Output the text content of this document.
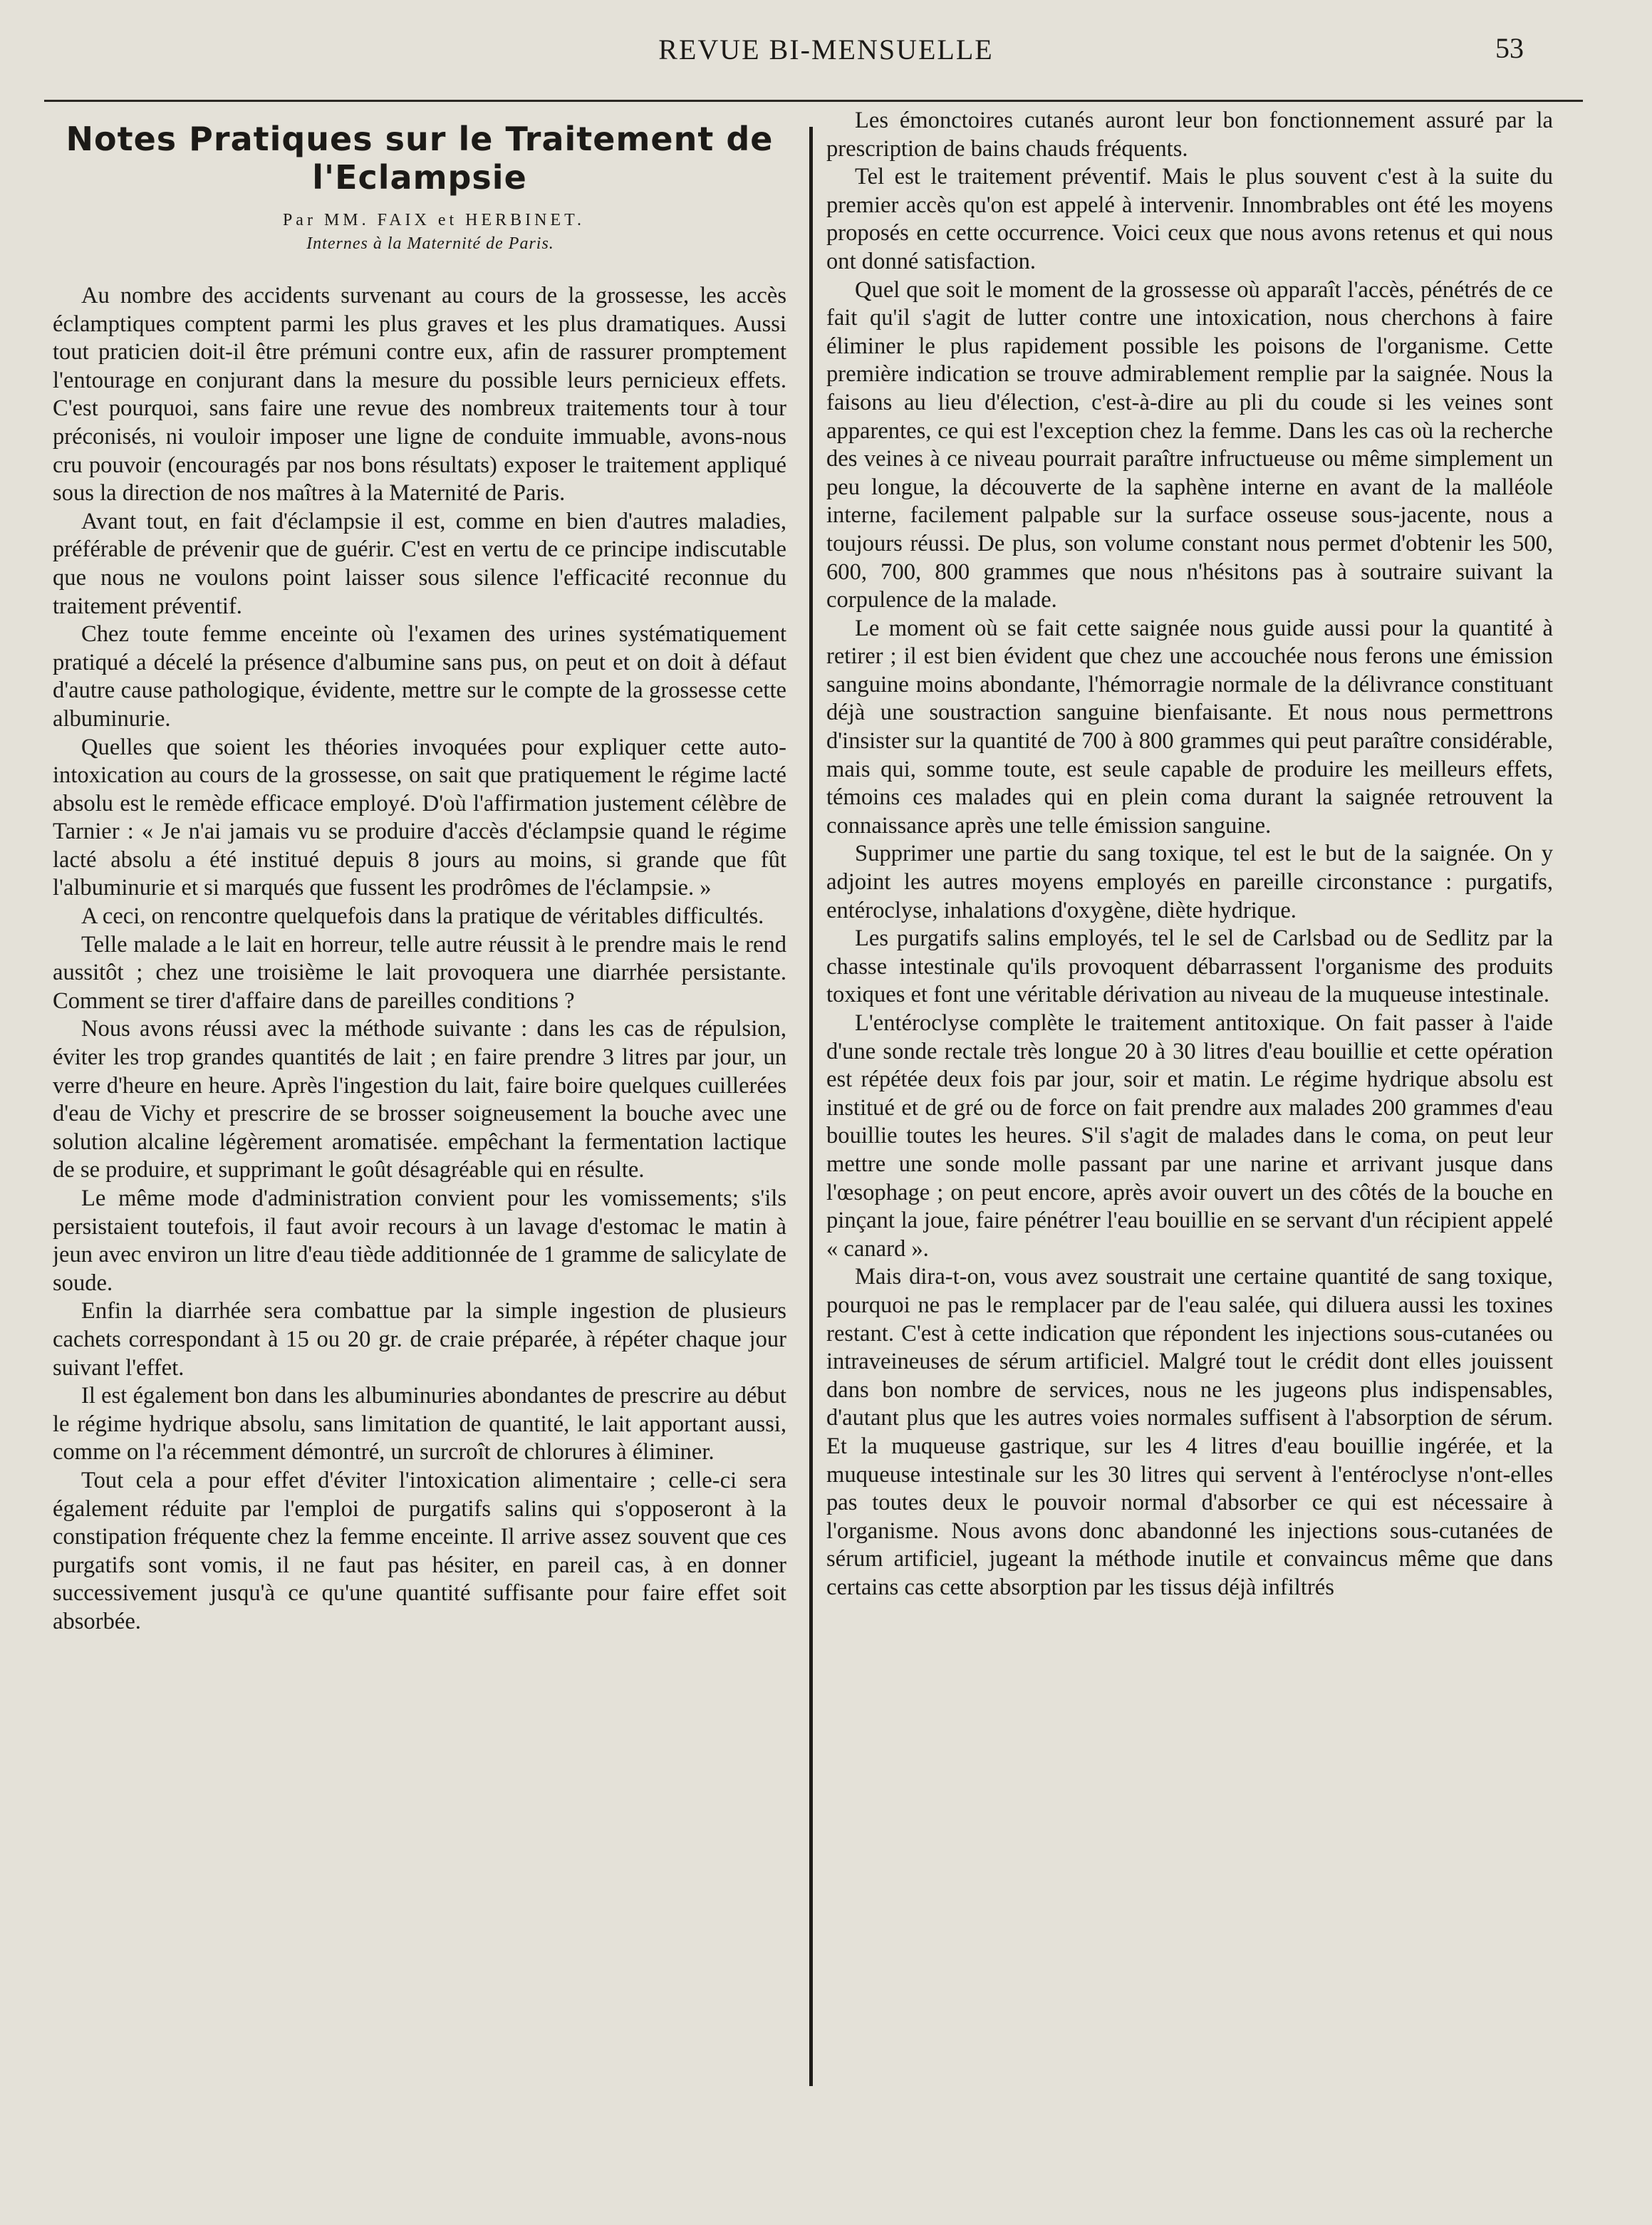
REVUE BI-MENSUELLE	53
Notes Pratiques sur le Traitement de l'Eclampsie
Par MM. FAIX et HERBINET.
Internes à la Maternité de Paris.

Au nombre des accidents survenant au cours de la grossesse, les accès éclamptiques comptent parmi les plus graves et les plus dramatiques. Aussi tout praticien doit-il être prémuni contre eux, afin de rassurer promptement l'entourage en conjurant dans la mesure du possible leurs pernicieux effets. C'est pourquoi, sans faire une revue des nombreux traitements tour à tour préconisés, ni vouloir imposer une ligne de conduite immuable, avons-nous cru pouvoir (encouragés par nos bons résultats) exposer le traitement appliqué sous la direction de nos maîtres à la Maternité de Paris.

Avant tout, en fait d'éclampsie il est, comme en bien d'autres maladies, préférable de prévenir que de guérir. C'est en vertu de ce principe indiscutable que nous ne voulons point laisser sous silence l'efficacité reconnue du traitement préventif.

Chez toute femme enceinte où l'examen des urines systématiquement pratiqué a décelé la présence d'albumine sans pus, on peut et on doit à défaut d'autre cause pathologique, évidente, mettre sur le compte de la grossesse cette albuminurie.

Quelles que soient les théories invoquées pour expliquer cette auto-intoxication au cours de la grossesse, on sait que pratiquement le régime lacté absolu est le remède efficace employé. D'où l'affirmation justement célèbre de Tarnier : « Je n'ai jamais vu se produire d'accès d'éclampsie quand le régime lacté absolu a été institué depuis 8 jours au moins, si grande que fût l'albuminurie et si marqués que fussent les prodrômes de l'éclampsie. »

A ceci, on rencontre quelquefois dans la pratique de véritables difficultés.

Telle malade a le lait en horreur, telle autre réussit à le prendre mais le rend aussitôt ; chez une troisième le lait provoquera une diarrhée persistante. Comment se tirer d'affaire dans de pareilles conditions ?

Nous avons réussi avec la méthode suivante : dans les cas de répulsion, éviter les trop grandes quantités de lait ; en faire prendre 3 litres par jour, un verre d'heure en heure. Après l'ingestion du lait, faire boire quelques cuillerées d'eau de Vichy et prescrire de se brosser soigneusement la bouche avec une solution alcaline légèrement aromatisée. empêchant la fermentation lactique de se produire, et supprimant le goût désagréable qui en résulte.

Le même mode d'administration convient pour les vomissements; s'ils persistaient toutefois, il faut avoir recours à un lavage d'estomac le matin à jeun avec environ un litre d'eau tiède additionnée de 1 gramme de salicylate de soude.

Enfin la diarrhée sera combattue par la simple ingestion de plusieurs cachets correspondant à 15 ou 20 gr. de craie préparée, à répéter chaque jour suivant l'effet.

Il est également bon dans les albuminuries abondantes de prescrire au début le régime hydrique absolu, sans limitation de quantité, le lait apportant aussi, comme on l'a récemment démontré, un surcroît de chlorures à éliminer.

Tout cela a pour effet d'éviter l'intoxication alimentaire ; celle-ci sera également réduite par l'emploi de purgatifs salins qui s'opposeront à la constipation fréquente chez la femme enceinte. Il arrive assez souvent que ces purgatifs sont vomis, il ne faut pas hésiter, en pareil cas, à en donner successivement jusqu'à ce qu'une quantité suffisante pour faire effet soit absorbée.

Les émonctoires cutanés auront leur bon fonctionnement assuré par la prescription de bains chauds fréquents.

Tel est le traitement préventif. Mais le plus souvent c'est à la suite du premier accès qu'on est appelé à intervenir. Innombrables ont été les moyens proposés en cette occurrence. Voici ceux que nous avons retenus et qui nous ont donné satisfaction.

Quel que soit le moment de la grossesse où apparaît l'accès, pénétrés de ce fait qu'il s'agit de lutter contre une intoxication, nous cherchons à faire éliminer le plus rapidement possible les poisons de l'organisme. Cette première indication se trouve admirablement remplie par la saignée. Nous la faisons au lieu d'élection, c'est-à-dire au pli du coude si les veines sont apparentes, ce qui est l'exception chez la femme. Dans les cas où la recherche des veines à ce niveau pourrait paraître infructueuse ou même simplement un peu longue, la découverte de la saphène interne en avant de la malléole interne, facilement palpable sur la surface osseuse sous-jacente, nous a toujours réussi. De plus, son volume constant nous permet d'obtenir les 500, 600, 700, 800 grammes que nous n'hésitons pas à soutraire suivant la corpulence de la malade.

Le moment où se fait cette saignée nous guide aussi pour la quantité à retirer ; il est bien évident que chez une accouchée nous ferons une émission sanguine moins abondante, l'hémorragie normale de la délivrance constituant déjà une soustraction sanguine bienfaisante. Et nous nous permettrons d'insister sur la quantité de 700 à 800 grammes qui peut paraître considérable, mais qui, somme toute, est seule capable de produire les meilleurs effets, témoins ces malades qui en plein coma durant la saignée retrouvent la connaissance après une telle émission sanguine.

Supprimer une partie du sang toxique, tel est le but de la saignée. On y adjoint les autres moyens employés en pareille circonstance : purgatifs, entéroclyse, inhalations d'oxygène, diète hydrique.

Les purgatifs salins employés, tel le sel de Carlsbad ou de Sedlitz par la chasse intestinale qu'ils provoquent débarrassent l'organisme des produits toxiques et font une véritable dérivation au niveau de la muqueuse intestinale.

L'entéroclyse complète le traitement antitoxique. On fait passer à l'aide d'une sonde rectale très longue 20 à 30 litres d'eau bouillie et cette opération est répétée deux fois par jour, soir et matin. Le régime hydrique absolu est institué et de gré ou de force on fait prendre aux malades 200 grammes d'eau bouillie toutes les heures. S'il s'agit de malades dans le coma, on peut leur mettre une sonde molle passant par une narine et arrivant jusque dans l'œsophage ; on peut encore, après avoir ouvert un des côtés de la bouche en pinçant la joue, faire pénétrer l'eau bouillie en se servant d'un récipient appelé « canard ».

Mais dira-t-on, vous avez soustrait une certaine quantité de sang toxique, pourquoi ne pas le remplacer par de l'eau salée, qui diluera aussi les toxines restant. C'est à cette indication que répondent les injections sous-cutanées ou intraveineuses de sérum artificiel. Malgré tout le crédit dont elles jouissent dans bon nombre de services, nous ne les jugeons plus indispensables, d'autant plus que les autres voies normales suffisent à l'absorption de sérum. Et la muqueuse gastrique, sur les 4 litres d'eau bouillie ingérée, et la muqueuse intestinale sur les 30 litres qui servent à l'entéroclyse n'ont-elles pas toutes deux le pouvoir normal d'absorber ce qui est nécessaire à l'organisme. Nous avons donc abandonné les injections sous-cutanées de sérum artificiel, jugeant la méthode inutile et convaincus même que dans certains cas cette absorption par les tissus déjà infiltrés
